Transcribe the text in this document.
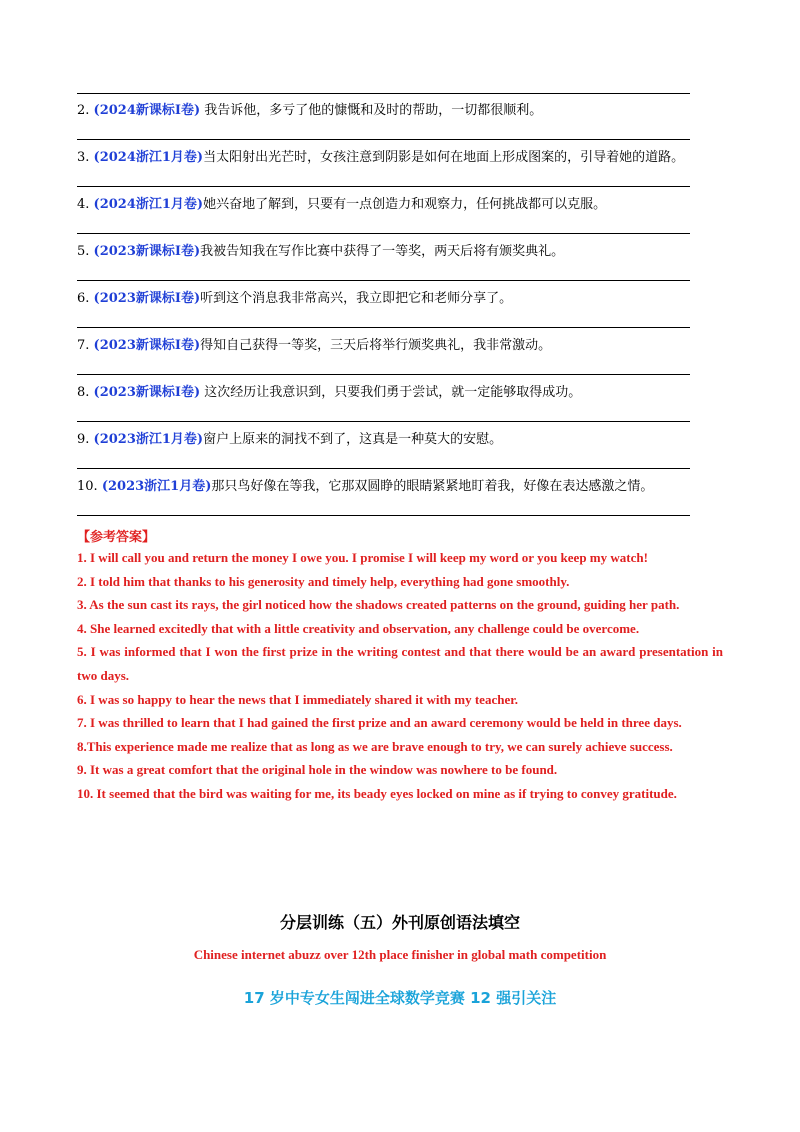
2. (2024新课标I卷) 我告诉他，多亏了他的慷慨和及时的帮助，一切都很顺利。
3. (2024浙江1月卷)当太阳射出光芒时，女孩注意到阴影是如何在地面上形成图案的，引导着她的道路。
4. (2024浙江1月卷)她兴奋地了解到，只要有一点创造力和观察力，任何挑战都可以克服。
5. (2023新课标I卷)我被告知我在写作比赛中获得了一等奖，两天后将有颁奖典礼。
6. (2023新课标I卷)听到这个消息我非常高兴，我立即把它和老师分享了。
7. (2023新课标I卷)得知自己获得一等奖，三天后将举行颁奖典礼，我非常激动。
8. (2023新课标I卷) 这次经历让我意识到，只要我们勇于尝试，就一定能够取得成功。
9. (2023浙江1月卷)窗户上原来的洞找不到了，这真是一种莫大的安慰。
10. (2023浙江1月卷)那只鸟好像在等我，它那双圆睁的眼睛紧紧地盯着我，好像在表达感激之情。
【参考答案】

1. I will call you and return the money I owe you. I promise I will keep my word or you keep my watch!

2. I told him that thanks to his generosity and timely help, everything had gone smoothly.

3. As the sun cast its rays, the girl noticed how the shadows created patterns on the ground, guiding her path.

4. She learned excitedly that with a little creativity and observation, any challenge could be overcome.

5. I was informed that I won the first prize in the writing contest and that there would be an award presentation in two days.

6. I was so happy to hear the news that I immediately shared it with my teacher.

7. I was thrilled to learn that I had gained the first prize and an award ceremony would be held in three days.

8.This experience made me realize that as long as we are brave enough to try, we can surely achieve success.

9. It was a great comfort that the original hole in the window was nowhere to be found.

10. It seemed that the bird was waiting for me, its beady eyes locked on mine as if trying to convey gratitude.

分层训练（五）外刊原创语法填空
Chinese internet abuzz over 12th place finisher in global math competition
17 岁中专女生闯进全球数学竞赛 12 强引关注
